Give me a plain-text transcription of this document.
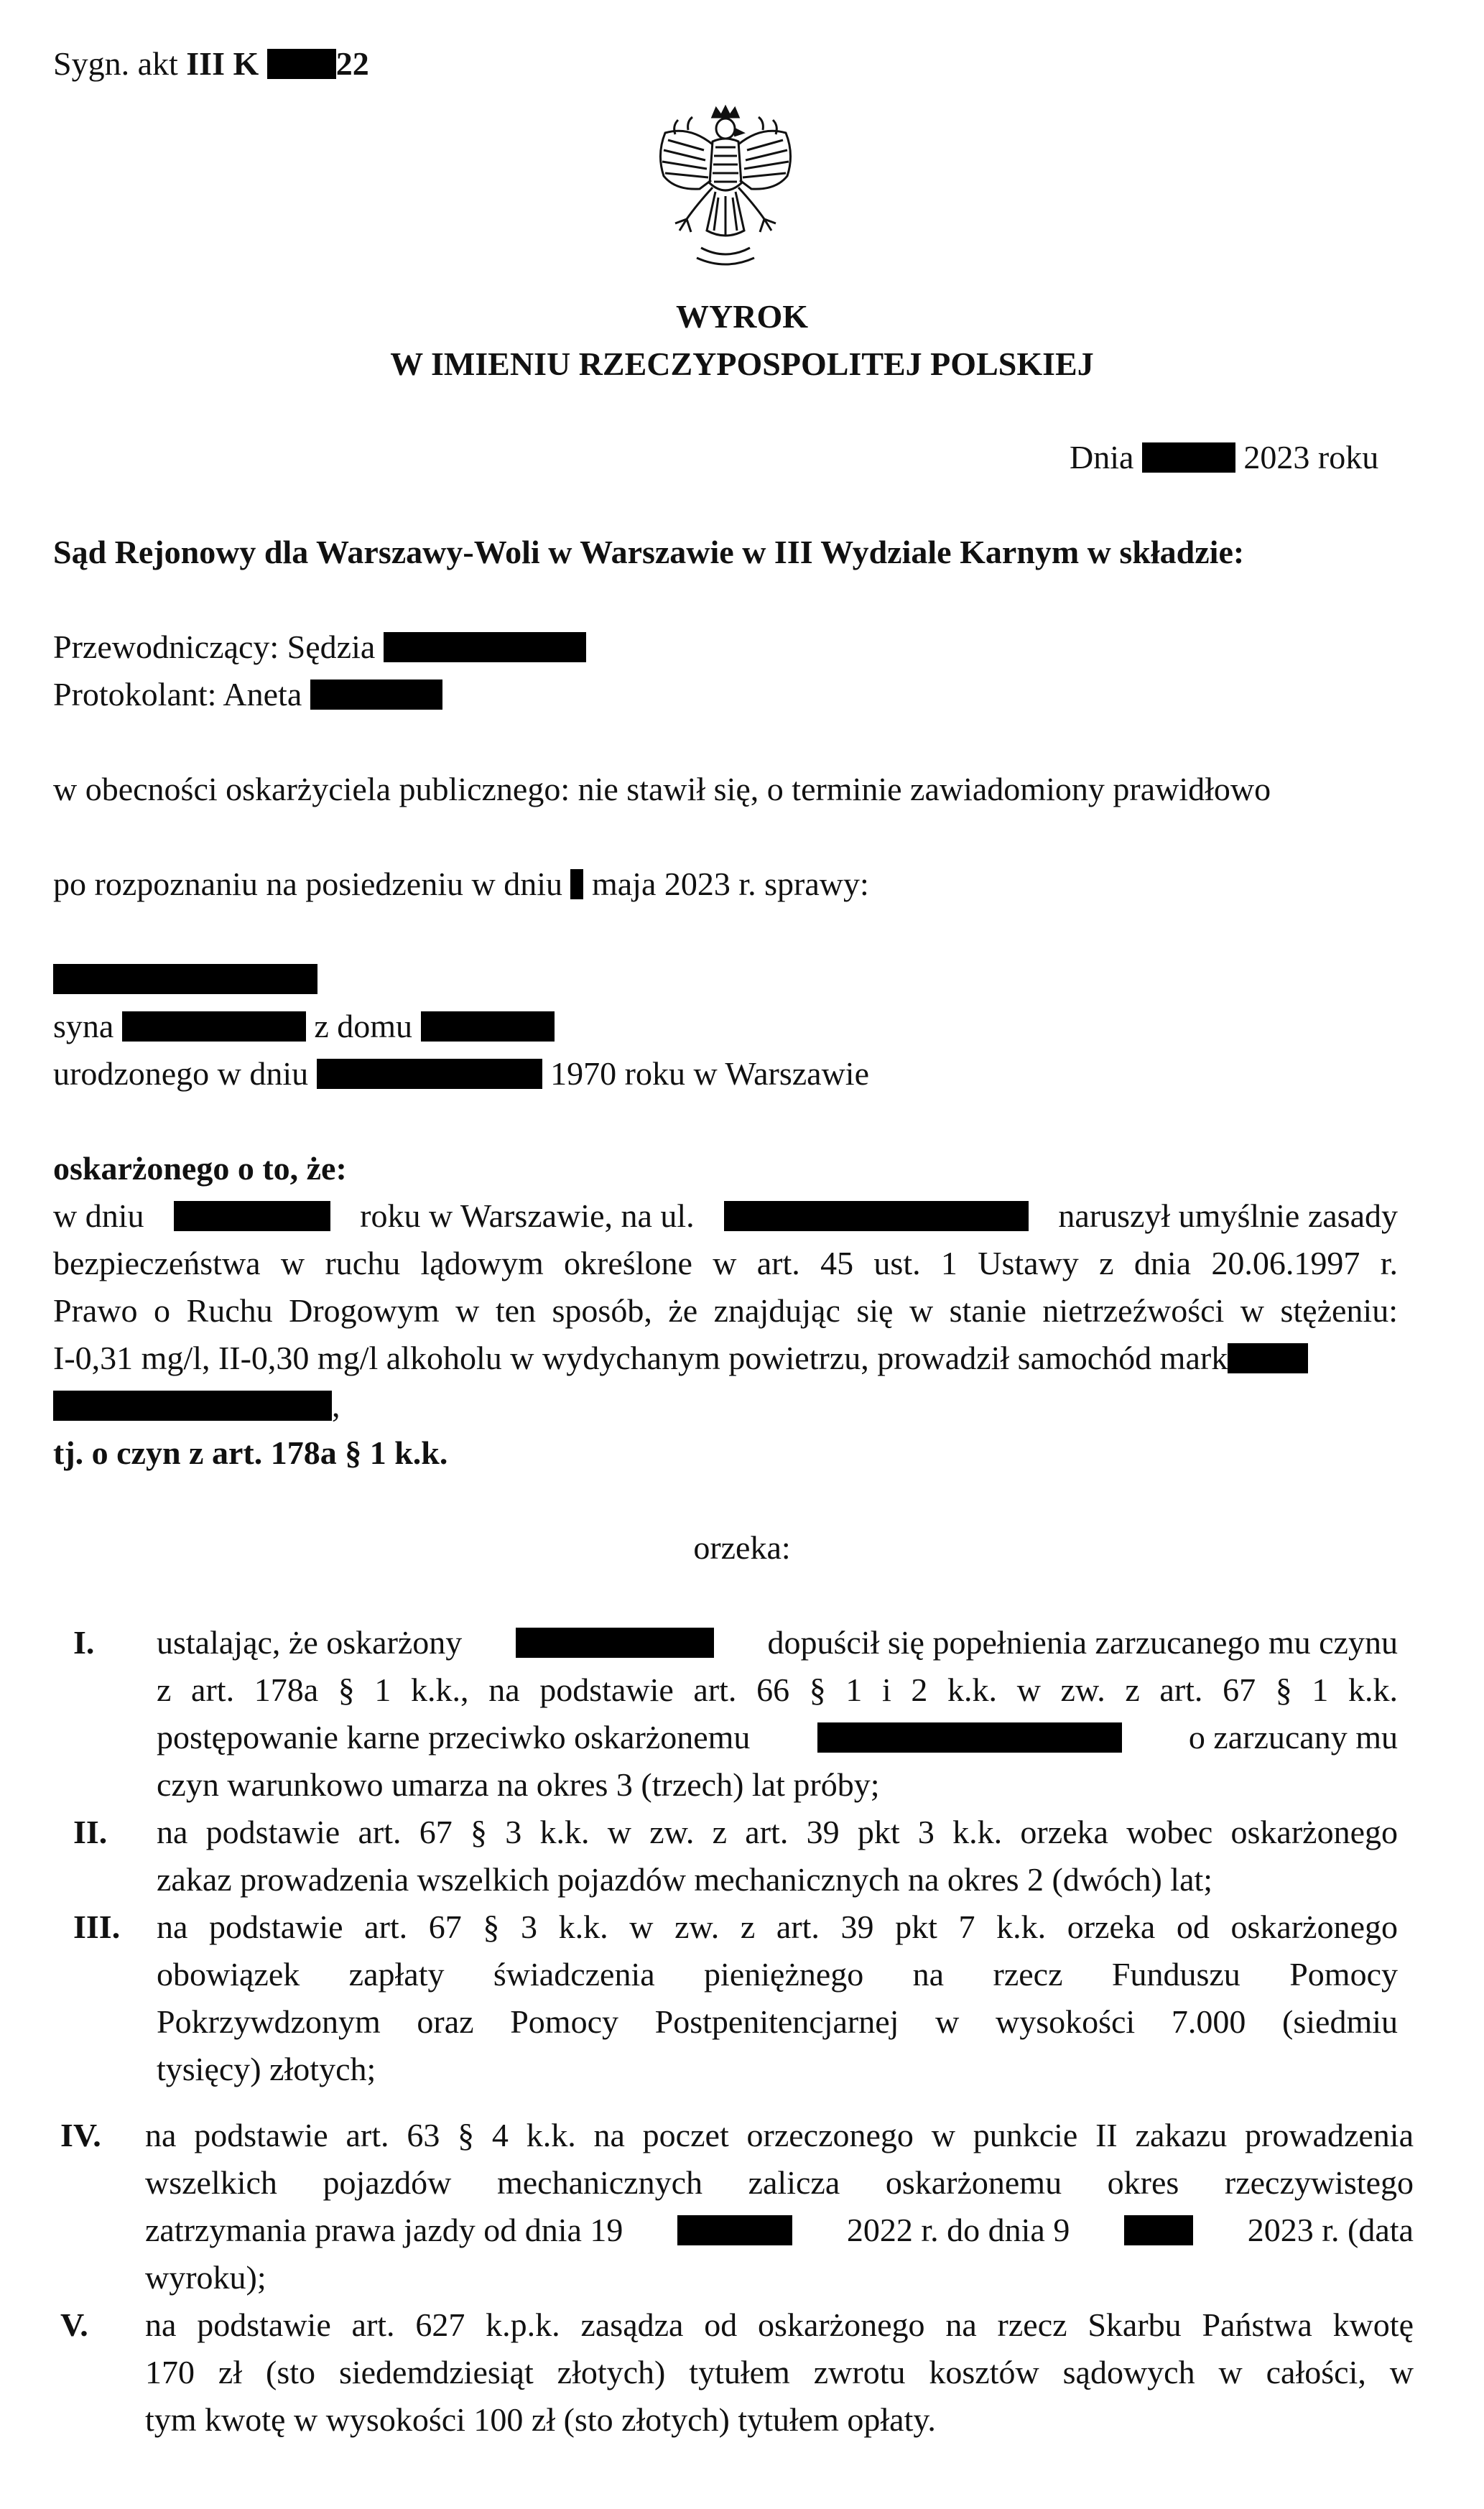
Sygn. akt III K 22
WYROK
W IMIENIU RZECZYPOSPOLITEJ POLSKIEJ
Dnia	2023 roku
Sąd Rejonowy dla Warszawy-Woli w Warszawie w III Wydziale Karnym w składzie:
Przewodniczący: Sędzia
Protokolant: Aneta
w obecności oskarżyciela publicznego: nie stawił się, o terminie zawiadomiony prawidłowo
po rozpoznaniu na posiedzeniu w dniu maja 2023 r. sprawy:
syna	z domu
urodzonego w dniu	1970 roku w Warszawie
oskarżonego o to, że:
w dniu	roku w Warszawie, na ul.	naruszył umyślnie zasady
bezpieczeństwa w ruchu lądowym określone w art. 45 ust. 1 Ustawy z dnia 20.06.1997 r.
Prawo o Ruchu Drogowym w ten sposób, że znajdując się w stanie nietrzeźwości w stężeniu:
I-0,31 mg/l, II-0,30 mg/l alkoholu w wydychanym powietrzu, prowadził samochód mark
,
tj. o czyn z art. 178a § 1 k.k.
orzeka:
I. ustalając, że oskarżony	dopuścił się popełnienia zarzucanego mu czynu
z art. 178a § 1 k.k., na podstawie art. 66 § 1 i 2 k.k. w zw. z art. 67 § 1 k.k.
postępowanie karne przeciwko oskarżonemu	o zarzucany mu
czyn warunkowo umarza na okres 3 (trzech) lat próby;
II. na podstawie art. 67 § 3 k.k. w zw. z art. 39 pkt 3 k.k. orzeka wobec oskarżonego
zakaz prowadzenia wszelkich pojazdów mechanicznych na okres 2 (dwóch) lat;
III. na podstawie art. 67 § 3 k.k. w zw. z art. 39 pkt 7 k.k. orzeka od oskarżonego
obowiązek zapłaty świadczenia pieniężnego na rzecz Funduszu Pomocy
Pokrzywdzonym oraz Pomocy Postpenitencjarnej w wysokości 7.000 (siedmiu
tysięcy) złotych;
IV. na podstawie art. 63 § 4 k.k. na poczet orzeczonego w punkcie II zakazu prowadzenia
wszelkich pojazdów mechanicznych zalicza oskarżonemu okres rzeczywistego
zatrzymania prawa jazdy od dnia 19	2022 r. do dnia 9	2023 r. (data
wyroku);
V. na podstawie art. 627 k.p.k. zasądza od oskarżonego na rzecz Skarbu Państwa kwotę
170 zł (sto siedemdziesiąt złotych) tytułem zwrotu kosztów sądowych w całości, w
tym kwotę w wysokości 100 zł (sto złotych) tytułem opłaty.
